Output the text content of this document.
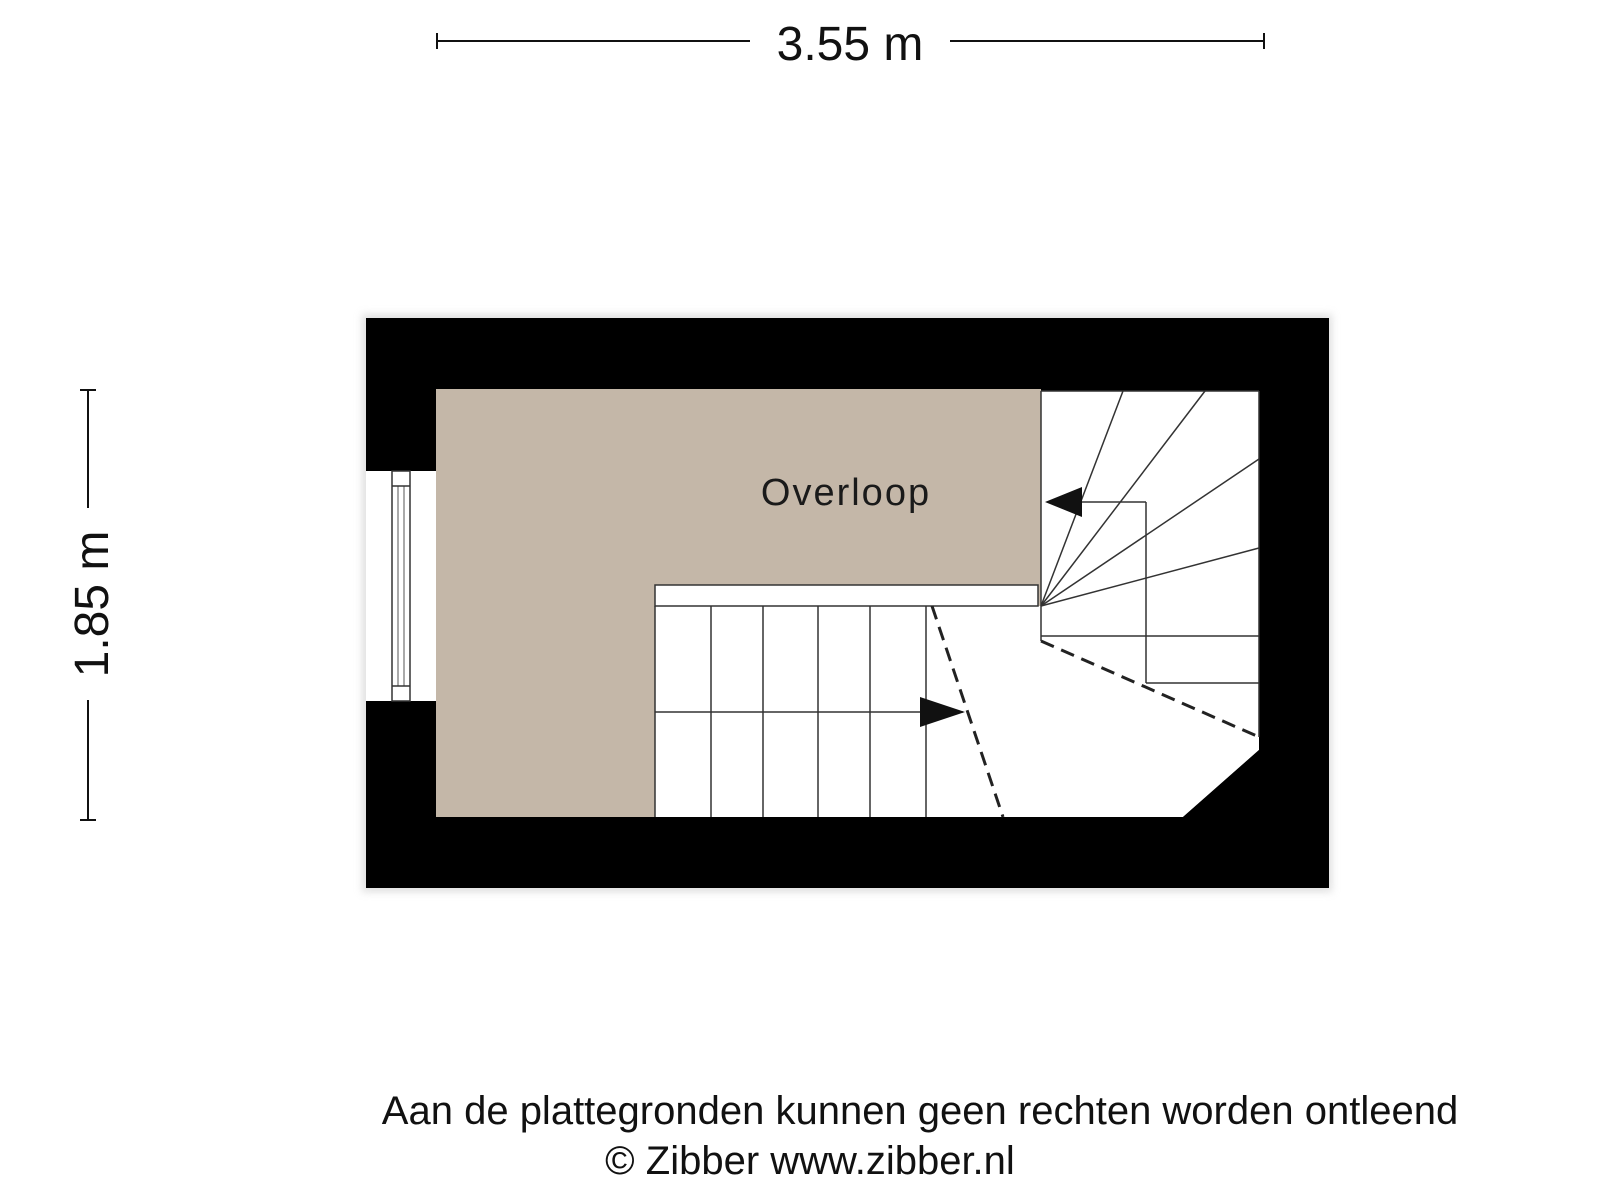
3.55 m
1.85 m
Overloop
Aan de plattegronden kunnen geen rechten worden ontleend
© Zibber www.zibber.nl
